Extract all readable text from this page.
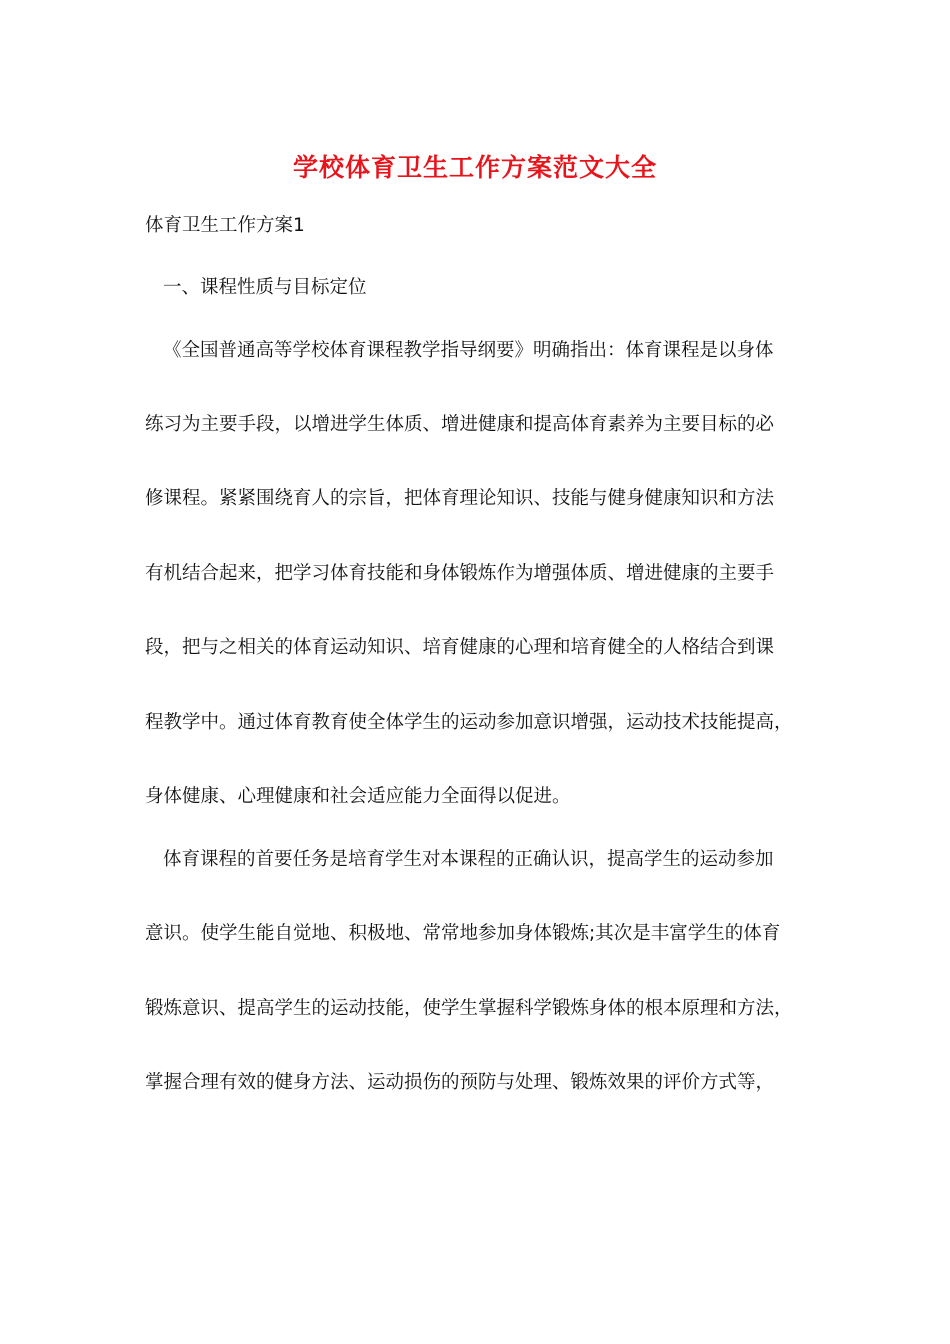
学校体育卫生工作方案范文大全
体育卫生工作方案1
一、课程性质与目标定位
《全国普通高等学校体育课程教学指导纲要》明确指出：体育课程是以身体
练习为主要手段，以增进学生体质、增进健康和提高体育素养为主要目标的必
修课程。紧紧围绕育人的宗旨，把体育理论知识、技能与健身健康知识和方法
有机结合起来，把学习体育技能和身体锻炼作为增强体质、增进健康的主要手
段，把与之相关的体育运动知识、培育健康的心理和培育健全的人格结合到课
程教学中。通过体育教育使全体学生的运动参加意识增强，运动技术技能提高，
身体健康、心理健康和社会适应能力全面得以促进。
体育课程的首要任务是培育学生对本课程的正确认识，提高学生的运动参加
意识。使学生能自觉地、积极地、常常地参加身体锻炼;其次是丰富学生的体育
锻炼意识、提高学生的运动技能，使学生掌握科学锻炼身体的根本原理和方法，
掌握合理有效的健身方法、运动损伤的预防与处理、锻炼效果的评价方式等，
